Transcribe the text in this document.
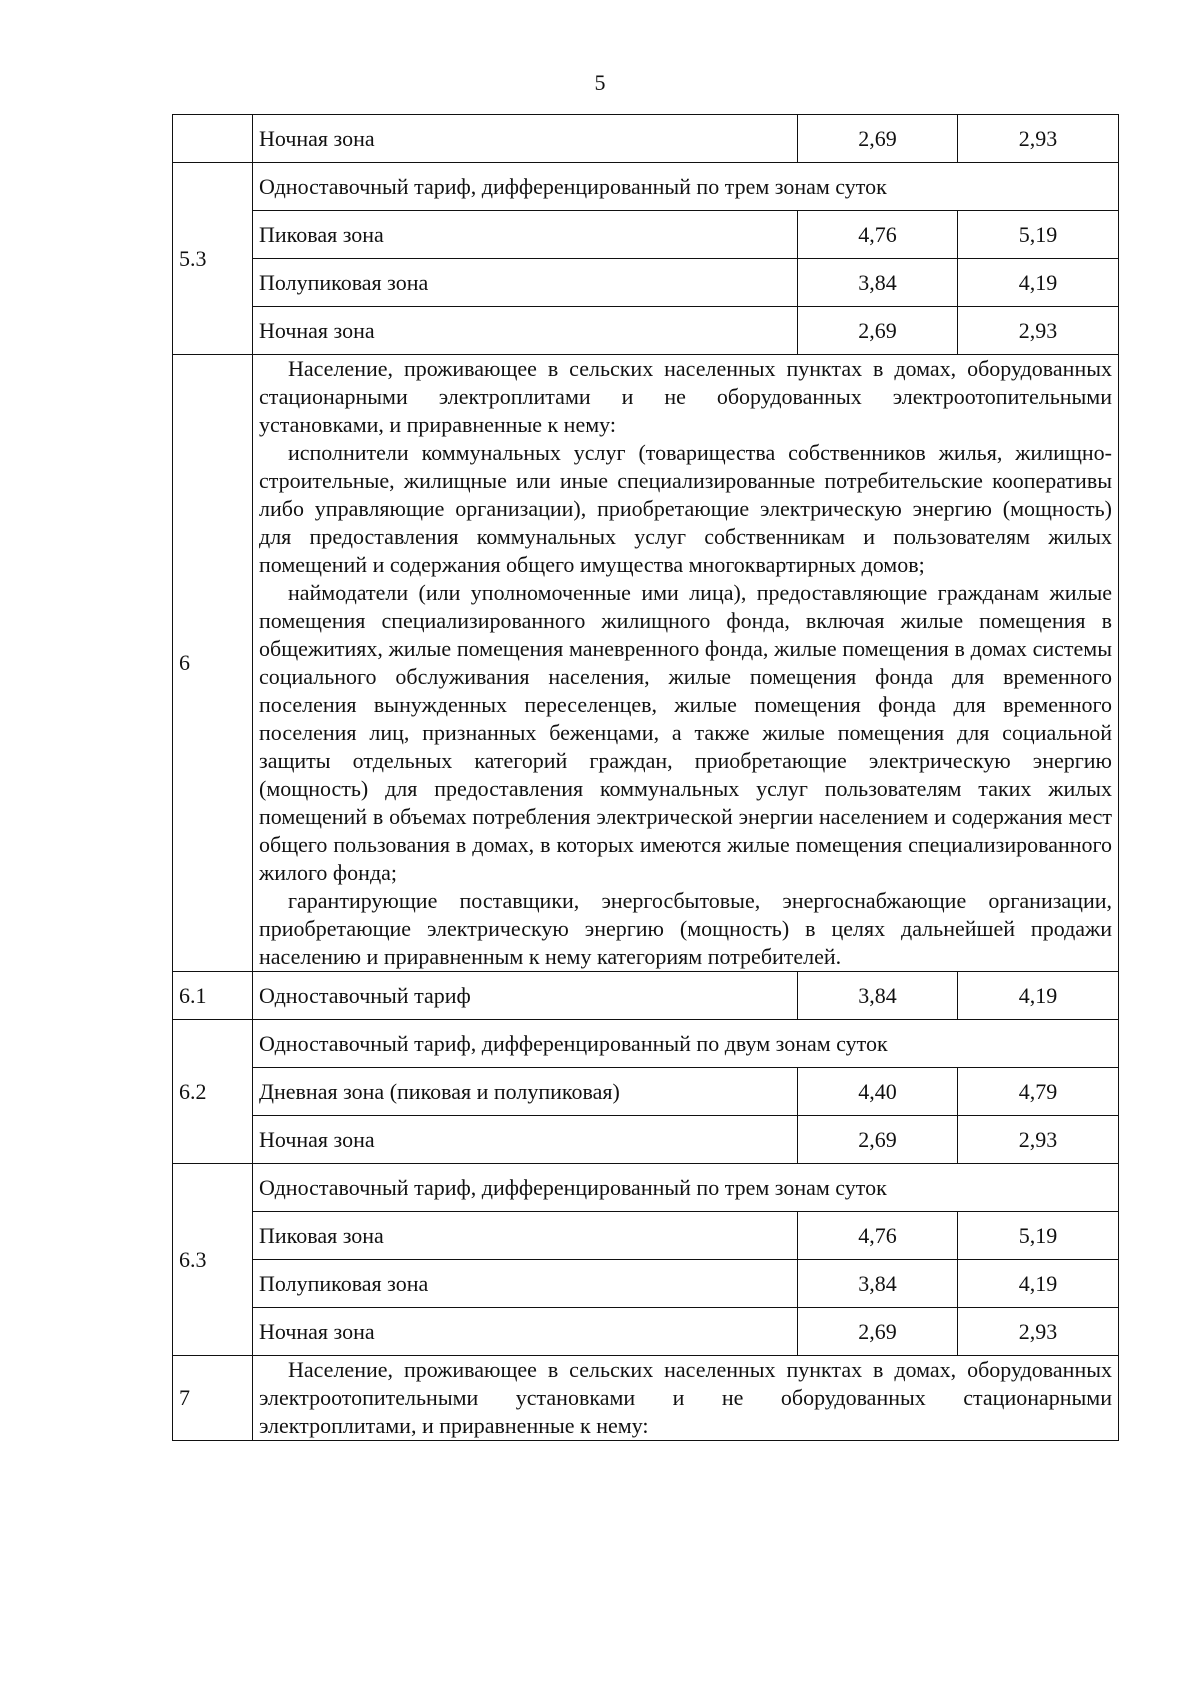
5
	Ночная зона	2,69	2,93
5.3	Одноставочный тариф, дифференцированный по трем зонам суток		
	Пиковая зона	4,76	5,19
	Полупиковая зона	3,84	4,19
	Ночная зона	2,69	2,93
6	Население, проживающее в сельских населенных пунктах в домах, оборудованных стационарными электроплитами и не оборудованных электроотопительными установками, и приравненные к нему:

исполнители коммунальных услуг (товарищества собственников жилья, жилищно-строительные, жилищные или иные специализированные потребительские кооперативы либо управляющие организации), приобретающие электрическую энергию (мощность) для предоставления коммунальных услуг собственникам и пользователям жилых помещений и содержания общего имущества многоквартирных домов;

наймодатели (или уполномоченные ими лица), предоставляющие гражданам жилые помещения специализированного жилищного фонда, включая жилые помещения в общежитиях, жилые помещения маневренного фонда, жилые помещения в домах системы социального обслуживания населения, жилые помещения фонда для временного поселения вынужденных переселенцев, жилые помещения фонда для временного поселения лиц, признанных беженцами, а также жилые помещения для социальной защиты отдельных категорий граждан, приобретающие электрическую энергию (мощность) для предоставления коммунальных услуг пользователям таких жилых помещений в объемах потребления электрической энергии населением и содержания мест общего пользования в домах, в которых имеются жилые помещения специализированного жилого фонда;

гарантирующие поставщики, энергосбытовые, энергоснабжающие организации, приобретающие электрическую энергию (мощность) в целях дальнейшей продажи населению и приравненным к нему категориям потребителей.		

6.1	Одноставочный тариф	3,84	4,19
6.2	Одноставочный тариф, дифференцированный по двум зонам суток		
	Дневная зона (пиковая и полупиковая)	4,40	4,79
	Ночная зона	2,69	2,93
6.3	Одноставочный тариф, дифференцированный по трем зонам суток		
	Пиковая зона	4,76	5,19
	Полупиковая зона	3,84	4,19
	Ночная зона	2,69	2,93
7	Население, проживающее в сельских населенных пунктах в домах, оборудованных электроотопительными установками и не оборудованных стационарными электроплитами, и приравненные к нему:		
